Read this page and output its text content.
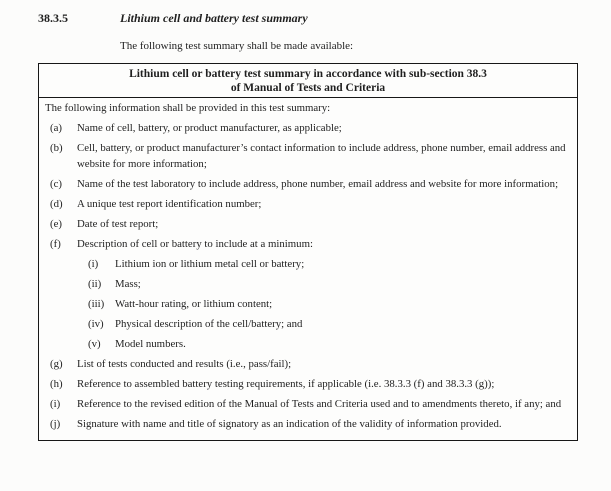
38.3.5	Lithium cell and battery test summary

The following test summary shall be made available:

Lithium cell or battery test summary in accordance with sub-section 38.3
of Manual of Tests and Criteria

The following information shall be provided in this test summary:

(a)	Name of cell, battery, or product manufacturer, as applicable;
(b)	Cell, battery, or product manufacturer’s contact information to include address, phone number, email address and website for more information;
(c)	Name of the test laboratory to include address, phone number, email address and website for more information;
(d)	A unique test report identification number;
(e)	Date of test report;
(f)	Description of cell or battery to include at a minimum:
(i)	Lithium ion or lithium metal cell or battery;
(ii)	Mass;
(iii) Watt-hour rating, or lithium content;
(iv)	Physical description of the cell/battery; and
(v)	Model numbers.
(g)	List of tests conducted and results (i.e., pass/fail);
(h)	Reference to assembled battery testing requirements, if applicable (i.e. 38.3.3 (f) and 38.3.3 (g));
(i)	Reference to the revised edition of the Manual of Tests and Criteria used and to amendments thereto, if any; and
(j)	Signature with name and title of signatory as an indication of the validity of information provided.
